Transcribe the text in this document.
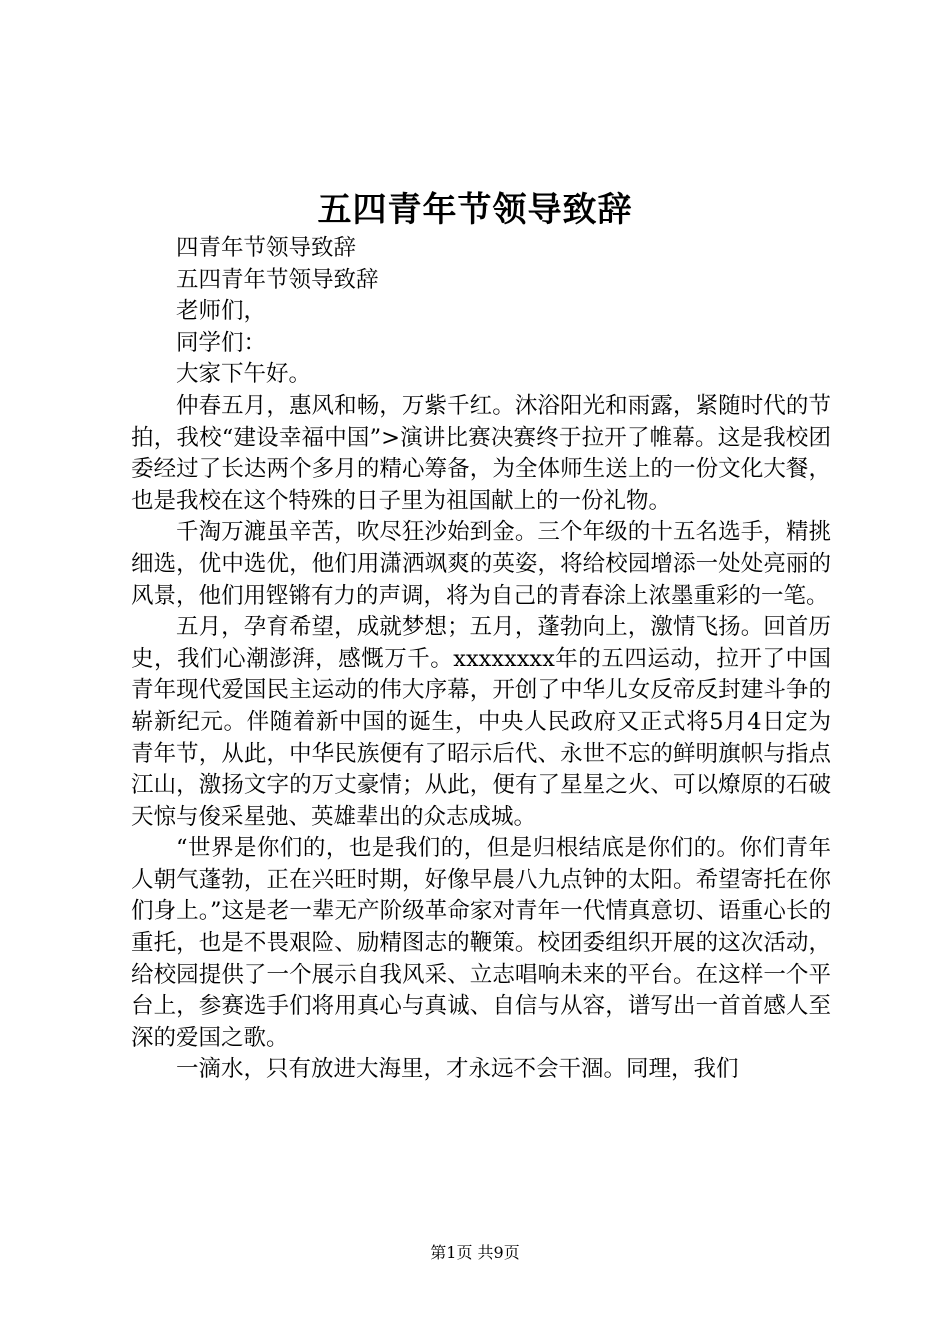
五四青年节领导致辞

四青年节领导致辞

五四青年节领导致辞

老师们，

同学们：

大家下午好。

仲春五月，惠风和畅，万紫千红。沐浴阳光和雨露，紧随时代的节拍，我校“建设幸福中国”>演讲比赛决赛终于拉开了帷幕。这是我校团委经过了长达两个多月的精心筹备，为全体师生送上的一份文化大餐，也是我校在这个特殊的日子里为祖国献上的一份礼物。

千淘万漉虽辛苦，吹尽狂沙始到金。三个年级的十五名选手，精挑细选，优中选优，他们用潇洒飒爽的英姿，将给校园增添一处处亮丽的风景，他们用铿锵有力的声调，将为自己的青春涂上浓墨重彩的一笔。

五月，孕育希望，成就梦想；五月，蓬勃向上，激情飞扬。回首历史，我们心潮澎湃，感慨万千。xxxxxxxx年的五四运动，拉开了中国青年现代爱国民主运动的伟大序幕，开创了中华儿女反帝反封建斗争的崭新纪元。伴随着新中国的诞生，中央人民政府又正式将5月4日定为青年节，从此，中华民族便有了昭示后代、永世不忘的鲜明旗帜与指点江山，激扬文字的万丈豪情；从此，便有了星星之火、可以燎原的石破天惊与俊采星弛、英雄辈出的众志成城。

“世界是你们的，也是我们的，但是归根结底是你们的。你们青年人朝气蓬勃，正在兴旺时期，好像早晨八九点钟的太阳。希望寄托在你们身上。”这是老一辈无产阶级革命家对青年一代情真意切、语重心长的重托，也是不畏艰险、励精图志的鞭策。校团委组织开展的这次活动，给校园提供了一个展示自我风采、立志唱响未来的平台。在这样一个平台上，参赛选手们将用真心与真诚、自信与从容，谱写出一首首感人至深的爱国之歌。

一滴水，只有放进大海里，才永远不会干涸。同理，我们

第1页 共9页
